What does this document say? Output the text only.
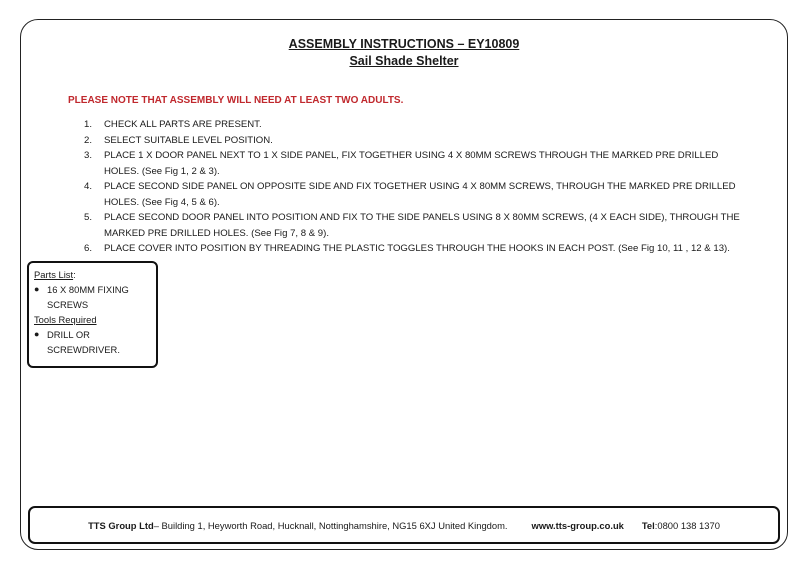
ASSEMBLY INSTRUCTIONS – EY10809
Sail Shade Shelter
PLEASE NOTE THAT ASSEMBLY WILL NEED AT LEAST TWO ADULTS.
1.	CHECK ALL PARTS ARE PRESENT.
2.	SELECT SUITABLE LEVEL POSITION.
3.	PLACE 1 X DOOR PANEL NEXT TO 1 X SIDE PANEL, FIX TOGETHER USING 4 X 80MM SCREWS THROUGH THE MARKED PRE DRILLED HOLES. (See Fig 1, 2 & 3).
4.	PLACE SECOND SIDE PANEL ON OPPOSITE SIDE AND FIX TOGETHER USING 4 X 80MM SCREWS, THROUGH THE MARKED PRE DRILLED HOLES. (See Fig 4, 5 & 6).
5.	PLACE SECOND DOOR PANEL INTO POSITION AND FIX TO THE SIDE PANELS USING 8 X 80MM SCREWS, (4 X EACH SIDE), THROUGH THE MARKED PRE DRILLED HOLES. (See Fig 7, 8 & 9).
6.	PLACE COVER INTO POSITION BY THREADING THE PLASTIC TOGGLES THROUGH THE HOOKS IN EACH POST. (See Fig 10, 11 , 12 & 13).
Parts List:
● 16 X 80MM FIXING SCREWS
Tools Required
● DRILL OR SCREWDRIVER.
TTS Group Ltd – Building 1, Heyworth Road, Hucknall, Nottinghamshire, NG15 6XJ United Kingdom.	www.tts-group.co.uk Tel :0800 138 1370
